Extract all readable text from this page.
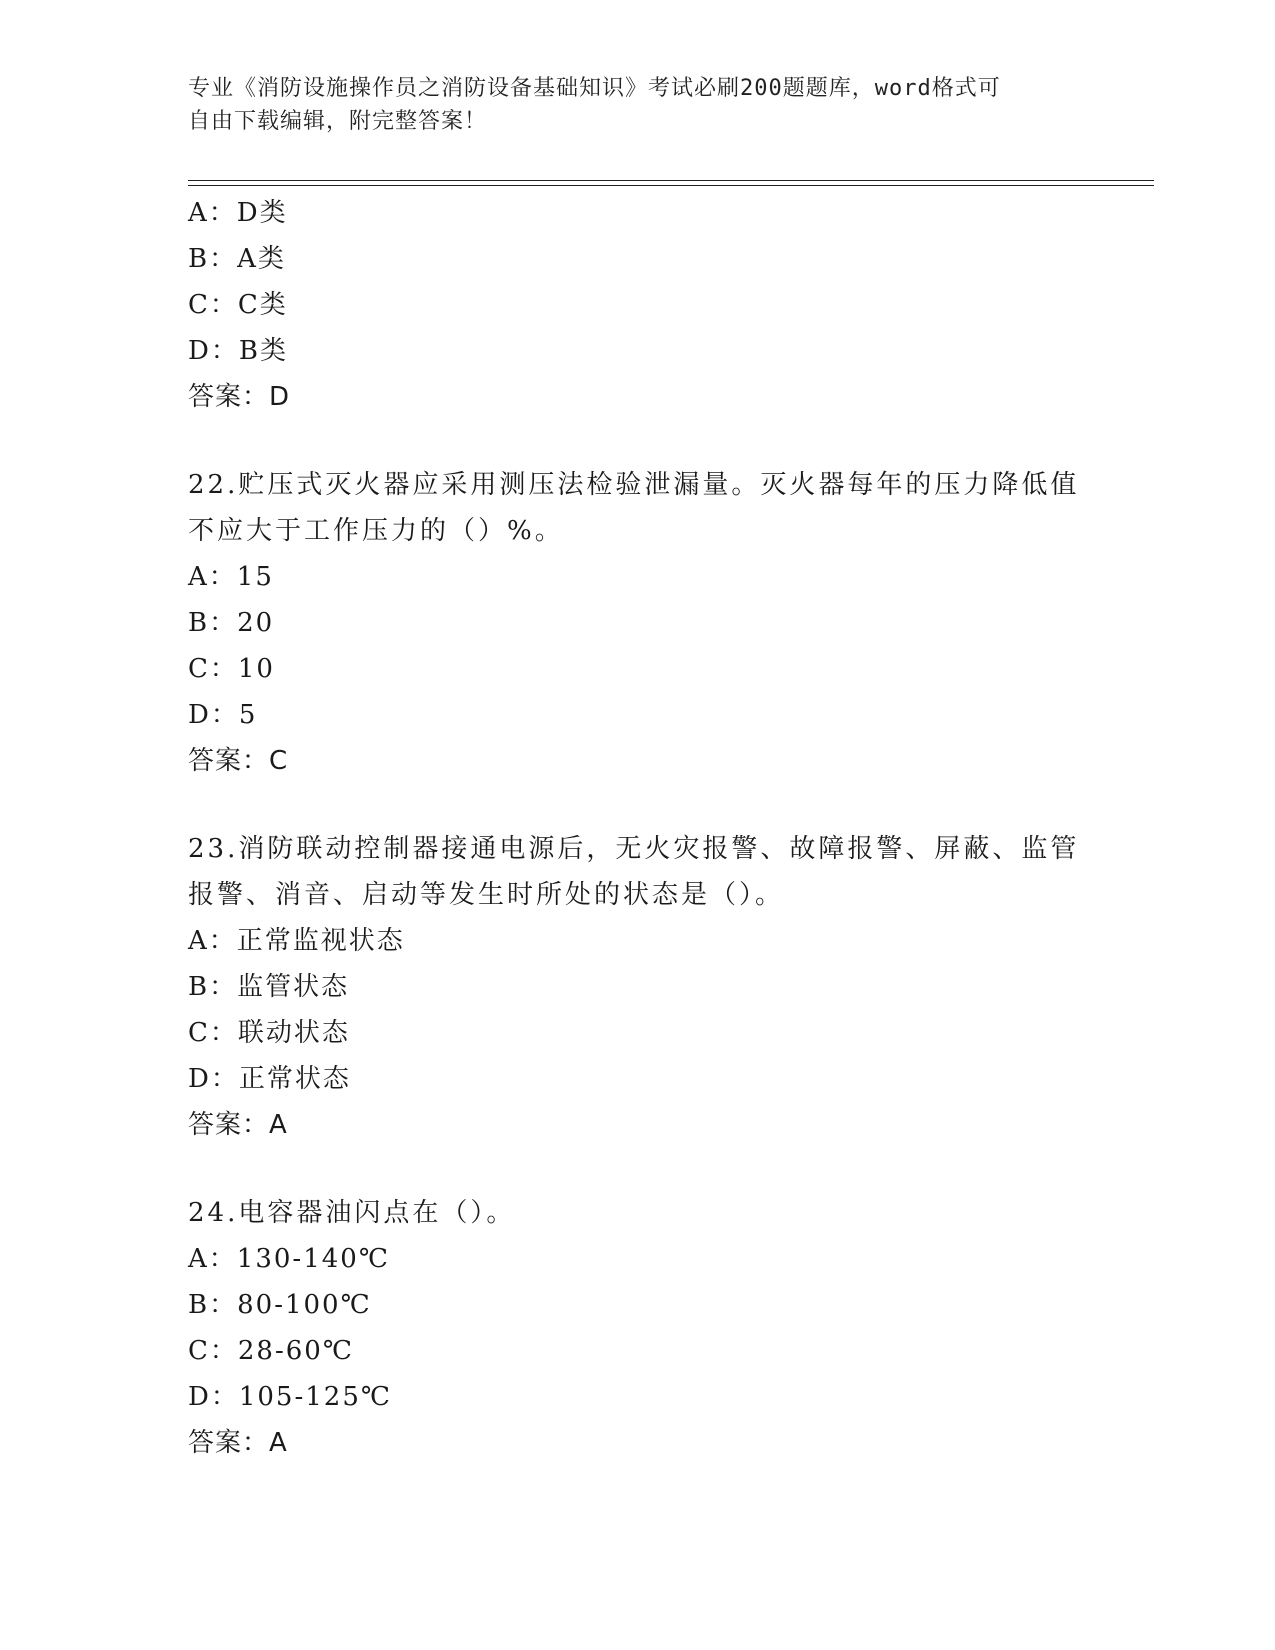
专业《消防设施操作员之消防设备基础知识》考试必刷200题题库，word格式可
自由下载编辑，附完整答案！
A：D类
B：A类
C：C类
D：B类
答案：D
22.贮压式灭火器应采用测压法检验泄漏量。灭火器每年的压力降低值
不应大于工作压力的（）%。
A：15
B：20
C：10
D：5
答案：C
23.消防联动控制器接通电源后，无火灾报警、故障报警、屏蔽、监管
报警、消音、启动等发生时所处的状态是（）。
A：正常监视状态
B：监管状态
C：联动状态
D：正常状态
答案：A
24.电容器油闪点在（）。
A：130-140℃
B：80-100℃
C：28-60℃
D：105-125℃
答案：A
